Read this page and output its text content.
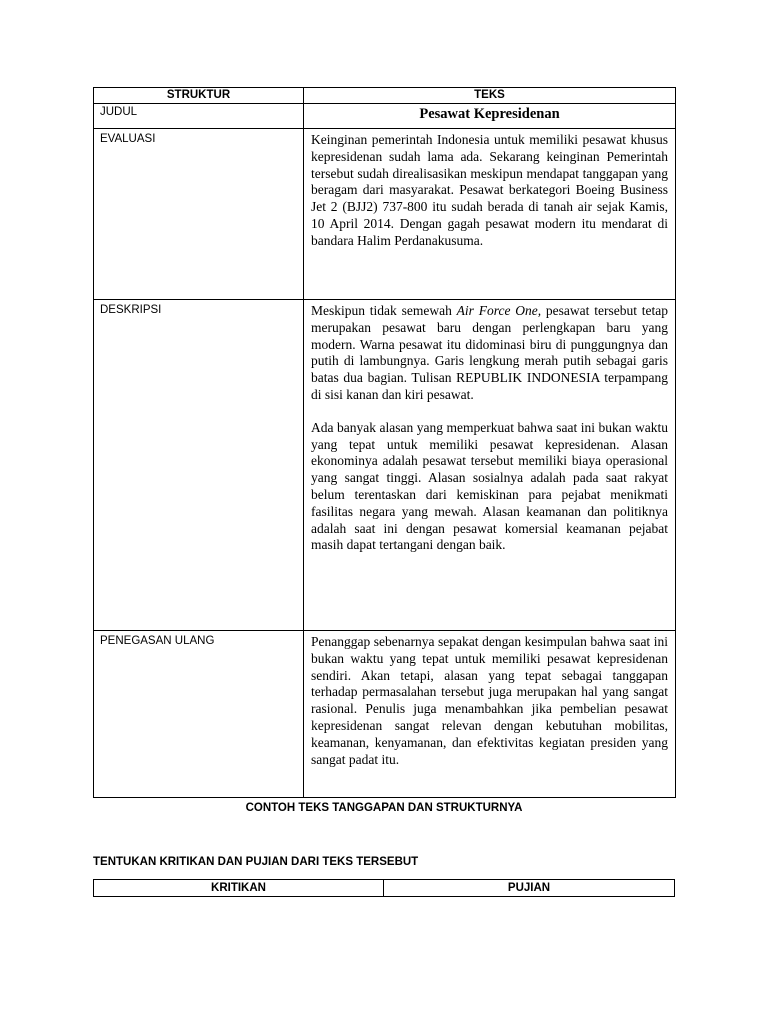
STRUKTUR	TEKS
JUDUL	Pesawat Kepresidenan
EVALUASI	Keinginan pemerintah Indonesia untuk memiliki pesawat khusus kepresidenan sudah lama ada. Sekarang keinginan Pemerintah tersebut sudah direalisasikan meskipun mendapat tanggapan yang beragam dari masyarakat. Pesawat berkategori Boeing Business Jet 2 (BJJ2) 737-800 itu sudah berada di tanah air sejak Kamis, 10 April 2014. Dengan gagah pesawat modern itu mendarat di bandara Halim Perdanakusuma.

DESKRIPSI	Meskipun tidak semewah Air Force One, pesawat tersebut tetap merupakan pesawat baru dengan perlengkapan baru yang modern. Warna pesawat itu didominasi biru di punggungnya dan putih di lambungnya. Garis lengkung merah putih sebagai garis batas dua bagian. Tulisan REPUBLIK INDONESIA terpampang di sisi kanan dan kiri pesawat.

Ada banyak alasan yang memperkuat bahwa saat ini bukan waktu yang tepat untuk memiliki pesawat kepresidenan. Alasan ekonominya adalah pesawat tersebut memiliki biaya operasional yang sangat tinggi. Alasan sosialnya adalah pada saat rakyat belum terentaskan dari kemiskinan para pejabat menikmati fasilitas negara yang mewah. Alasan keamanan dan politiknya adalah saat ini dengan pesawat komersial keamanan pejabat masih dapat tertangani dengan baik.

PENEGASAN ULANG	Penanggap sebenarnya sepakat dengan kesimpulan bahwa saat ini bukan waktu yang tepat untuk memiliki pesawat kepresidenan sendiri. Akan tetapi, alasan yang tepat sebagai tanggapan terhadap permasalahan tersebut juga merupakan hal yang sangat rasional. Penulis juga menambahkan jika pembelian pesawat kepresidenan sangat relevan dengan kebutuhan mobilitas, keamanan, kenyamanan, dan efektivitas kegiatan presiden yang sangat padat itu.

CONTOH TEKS TANGGAPAN DAN STRUKTURNYA
TENTUKAN KRITIKAN DAN PUJIAN DARI TEKS TERSEBUT
KRITIKAN	PUJIAN
